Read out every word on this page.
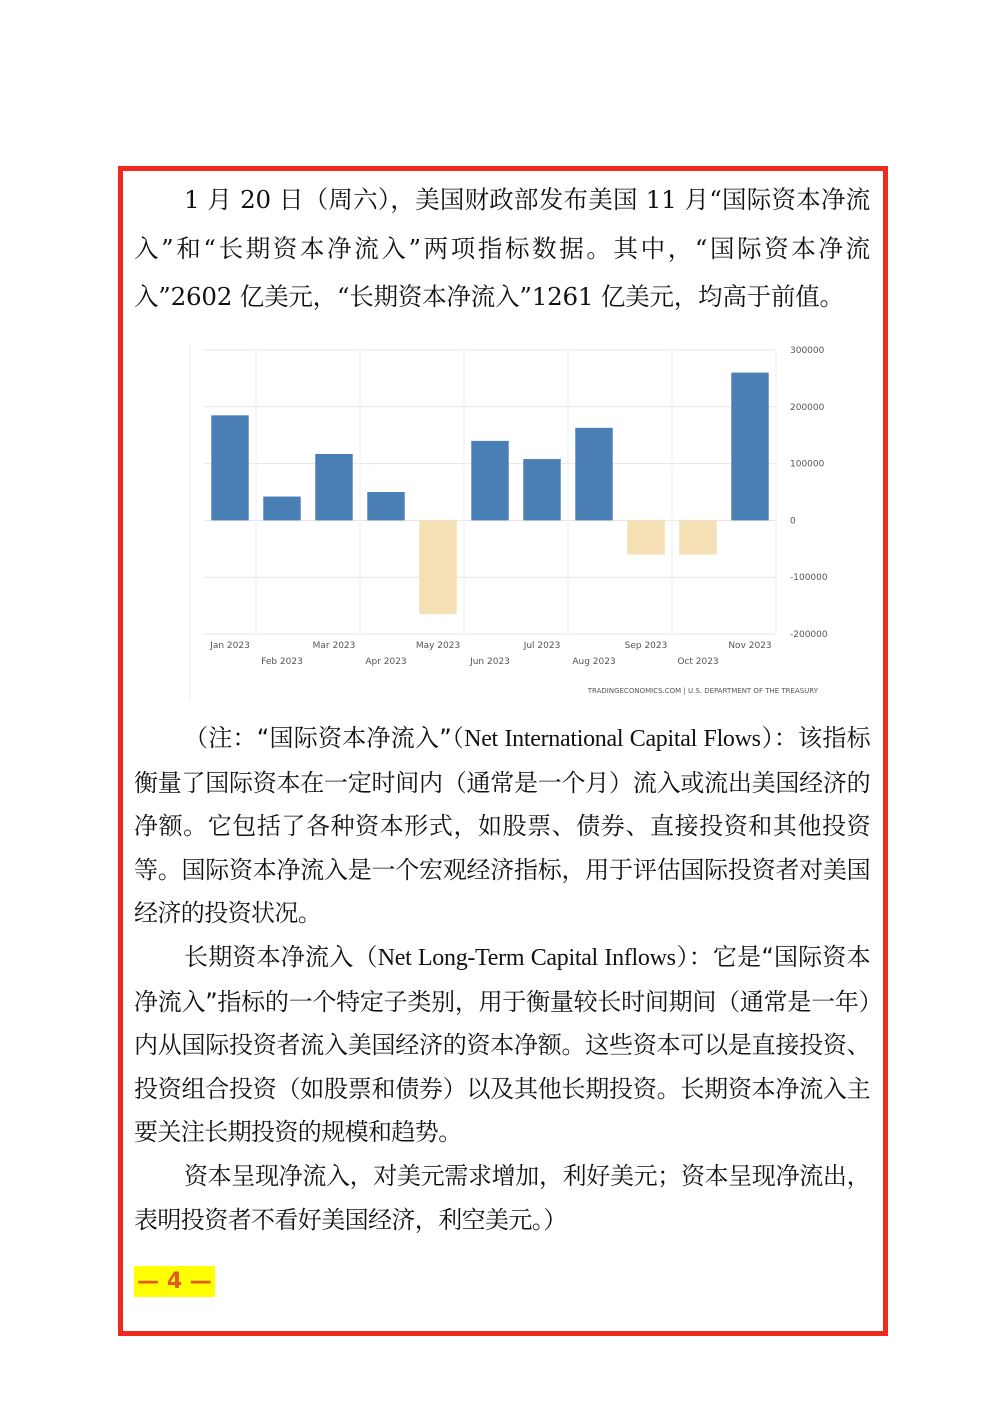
1 月 20 日（周六），美国财政部发布美国 11 月“国际资本净流入”和“长期资本净流入”两项指标数据。其中，“国际资本净流入”2602 亿美元，“长期资本净流入”1261 亿美元，均高于前值。

300000
200000
100000
0
-100000
-200000
Jan 2023
Feb 2023
Mar 2023
Apr 2023
May 2023
Jun 2023
Jul 2023
Aug 2023
Sep 2023
Oct 2023
Nov 2023
TRADINGECONOMICS.COM | U.S. DEPARTMENT OF THE TREASURY

（注：“国际资本净流入”（Net International Capital Flows）：该指标衡量了国际资本在一定时间内（通常是一个月）流入或流出美国经济的净额。它包括了各种资本形式，如股票、债券、直接投资和其他投资等。国际资本净流入是一个宏观经济指标，用于评估国际投资者对美国经济的投资状况。

长期资本净流入（Net Long-Term Capital Inflows）：它是“国际资本净流入”指标的一个特定子类别，用于衡量较长时间期间（通常是一年）内从国际投资者流入美国经济的资本净额。这些资本可以是直接投资、投资组合投资（如股票和债券）以及其他长期投资。长期资本净流入主要关注长期投资的规模和趋势。

资本呈现净流入，对美元需求增加，利好美元；资本呈现净流出，表明投资者不看好美国经济，利空美元。）

— 4 —
